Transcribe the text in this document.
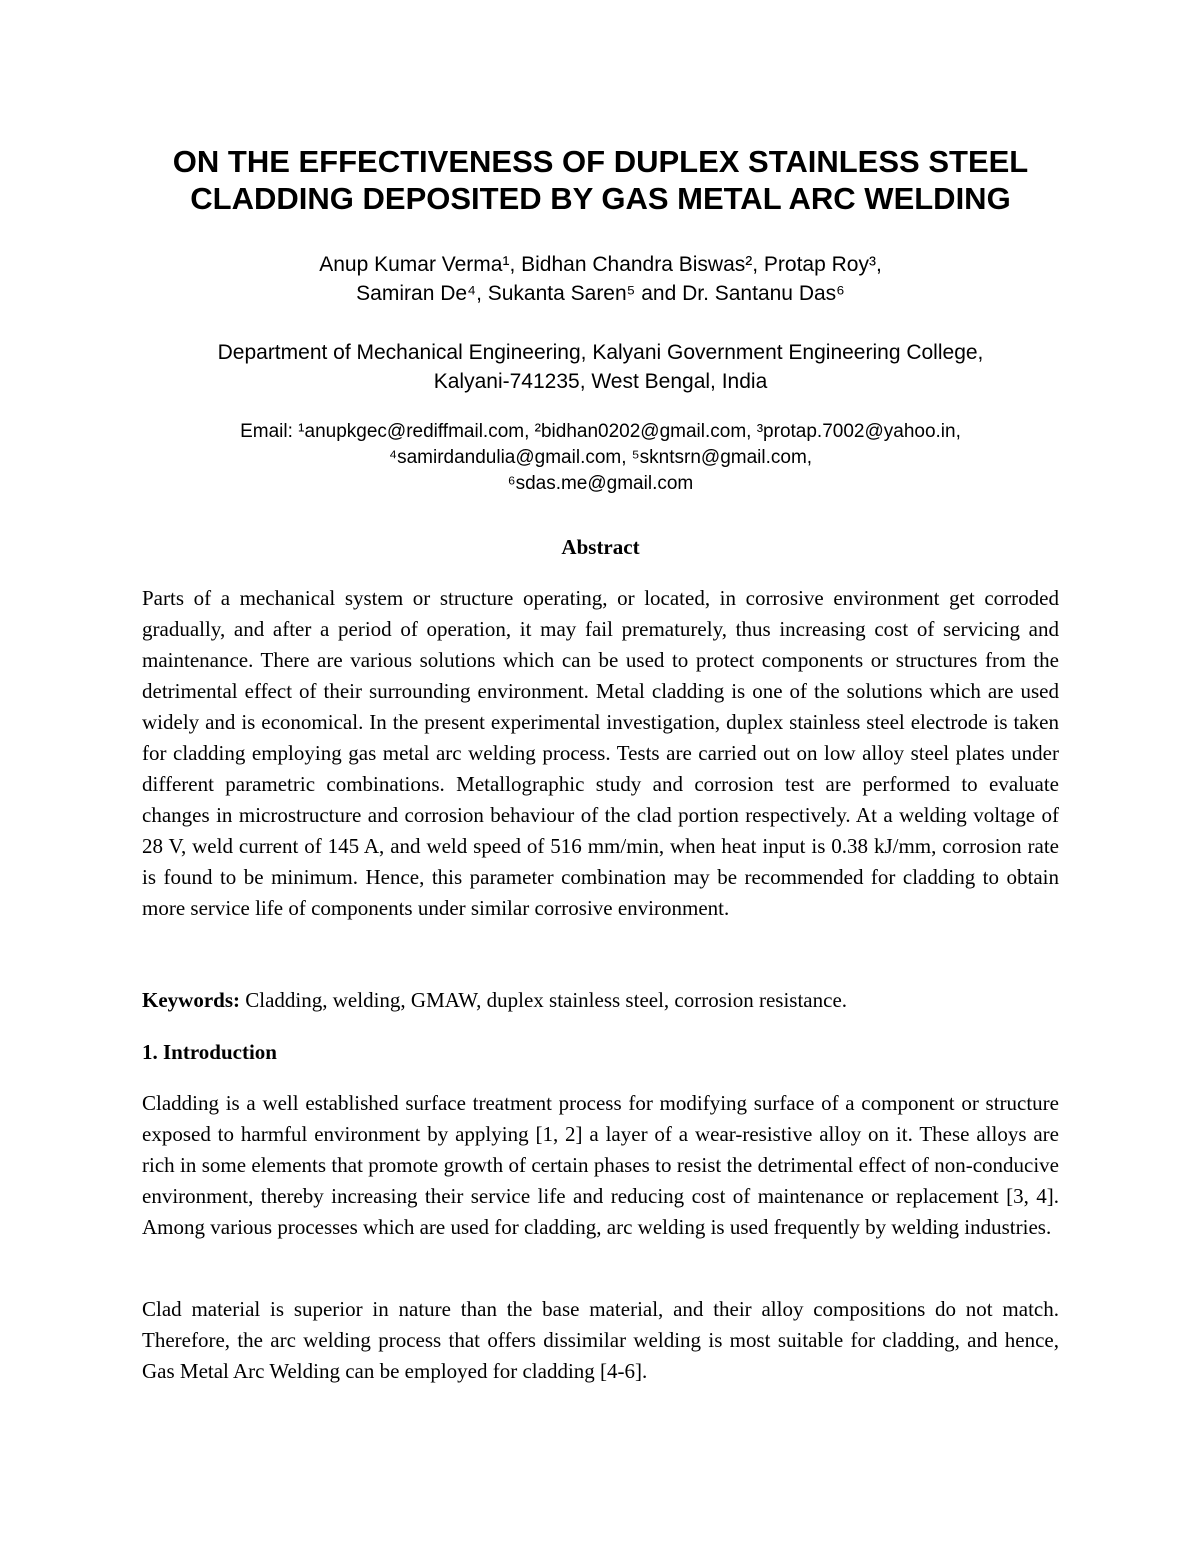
ON THE EFFECTIVENESS OF DUPLEX STAINLESS STEEL
CLADDING DEPOSITED BY GAS METAL ARC WELDING
Anup Kumar Verma¹, Bidhan Chandra Biswas², Protap Roy³,
Samiran De⁴, Sukanta Saren⁵ and Dr. Santanu Das⁶
Department of Mechanical Engineering, Kalyani Government Engineering College,
Kalyani-741235, West Bengal, India
Email: ¹anupkgec@rediffmail.com, ²bidhan0202@gmail.com, ³protap.7002@yahoo.in,
⁴samirdandulia@gmail.com, ⁵skntsrn@gmail.com,
⁶sdas.me@gmail.com
Abstract

Parts of a mechanical system or structure operating, or located, in corrosive environment get corroded gradually, and after a period of operation, it may fail prematurely, thus increasing cost of servicing and maintenance. There are various solutions which can be used to protect components or structures from the detrimental effect of their surrounding environment. Metal cladding is one of the solutions which are used widely and is economical. In the present experimental investigation, duplex stainless steel electrode is taken for cladding employing gas metal arc welding process. Tests are carried out on low alloy steel plates under different parametric combinations. Metallographic study and corrosion test are performed to evaluate changes in microstructure and corrosion behaviour of the clad portion respectively. At a welding voltage of 28 V, weld current of 145 A, and weld speed of 516 mm/min, when heat input is 0.38 kJ/mm, corrosion rate is found to be minimum. Hence, this parameter combination may be recommended for cladding to obtain more service life of components under similar corrosive environment.

Keywords: Cladding, welding, GMAW, duplex stainless steel, corrosion resistance.

1. Introduction

Cladding is a well established surface treatment process for modifying surface of a component or structure exposed to harmful environment by applying [1, 2] a layer of a wear-resistive alloy on it. These alloys are rich in some elements that promote growth of certain phases to resist the detrimental effect of non-conducive environment, thereby increasing their service life and reducing cost of maintenance or replacement [3, 4]. Among various processes which are used for cladding, arc welding is used frequently by welding industries.

Clad material is superior in nature than the base material, and their alloy compositions do not match. Therefore, the arc welding process that offers dissimilar welding is most suitable for cladding, and hence, Gas Metal Arc Welding can be employed for cladding [4-6].
